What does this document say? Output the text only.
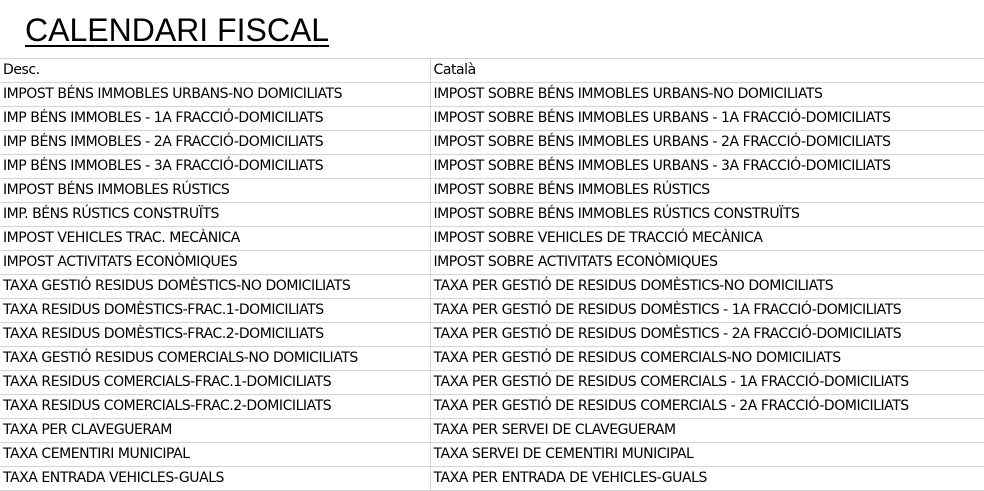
CALENDARI FISCAL
Desc.	Català
IMPOST BÉNS IMMOBLES URBANS-NO DOMICILIATS	IMPOST SOBRE BÉNS IMMOBLES URBANS-NO DOMICILIATS
IMP BÉNS IMMOBLES - 1A FRACCIÓ-DOMICILIATS	IMPOST SOBRE BÉNS IMMOBLES URBANS - 1A FRACCIÓ-DOMICILIATS
IMP BÉNS IMMOBLES - 2A FRACCIÓ-DOMICILIATS	IMPOST SOBRE BÉNS IMMOBLES URBANS - 2A FRACCIÓ-DOMICILIATS
IMP BÉNS IMMOBLES - 3A FRACCIÓ-DOMICILIATS	IMPOST SOBRE BÉNS IMMOBLES URBANS - 3A FRACCIÓ-DOMICILIATS
IMPOST BÉNS IMMOBLES RÚSTICS	IMPOST SOBRE BÉNS IMMOBLES RÚSTICS
IMP. BÉNS RÚSTICS CONSTRUÏTS	IMPOST SOBRE BÉNS IMMOBLES RÚSTICS CONSTRUÏTS
IMPOST VEHICLES TRAC. MECÀNICA	IMPOST SOBRE VEHICLES DE TRACCIÓ MECÀNICA
IMPOST ACTIVITATS ECONÒMIQUES	IMPOST SOBRE ACTIVITATS ECONÒMIQUES
TAXA GESTIÓ RESIDUS DOMÈSTICS-NO DOMICILIATS	TAXA PER GESTIÓ DE RESIDUS DOMÈSTICS-NO DOMICILIATS
TAXA RESIDUS DOMÈSTICS-FRAC.1-DOMICILIATS	TAXA PER GESTIÓ DE RESIDUS DOMÈSTICS - 1A FRACCIÓ-DOMICILIATS
TAXA RESIDUS DOMÈSTICS-FRAC.2-DOMICILIATS	TAXA PER GESTIÓ DE RESIDUS DOMÈSTICS - 2A FRACCIÓ-DOMICILIATS
TAXA GESTIÓ RESIDUS COMERCIALS-NO DOMICILIATS	TAXA PER GESTIÓ DE RESIDUS COMERCIALS-NO DOMICILIATS
TAXA RESIDUS COMERCIALS-FRAC.1-DOMICILIATS	TAXA PER GESTIÓ DE RESIDUS COMERCIALS - 1A FRACCIÓ-DOMICILIATS
TAXA RESIDUS COMERCIALS-FRAC.2-DOMICILIATS	TAXA PER GESTIÓ DE RESIDUS COMERCIALS - 2A FRACCIÓ-DOMICILIATS
TAXA PER CLAVEGUERAM	TAXA PER SERVEI DE CLAVEGUERAM
TAXA CEMENTIRI MUNICIPAL	TAXA SERVEI DE CEMENTIRI MUNICIPAL
TAXA ENTRADA VEHICLES-GUALS	TAXA PER ENTRADA DE VEHICLES-GUALS
